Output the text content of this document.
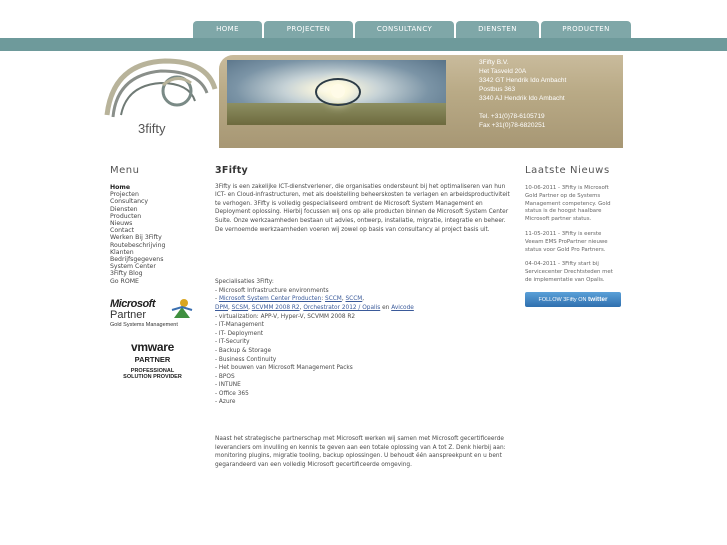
HOME	PROJECTEN	CONSULTANCY	DIENSTEN	PRODUCTEN
3fifty
3Fifty B.V.
Het Tasveld 20A
3342 GT Hendrik Ido Ambacht
Postbus 363
3340 AJ Hendrik Ido Ambacht
Tel. +31(0)78-6105719
Fax +31(0)78-6820251
Menu
Home
Projecten
Consultancy
Diensten
Producten
Nieuws
Contact
Werken Bij 3Fifty
Routebeschrijving
Klanten
Bedrijfsgegevens
System Center
3Fifty Blog
Go ROME
Microsoft
Partner
Gold Systems Management
vmware
PARTNER
PROFESSIONAL
SOLUTION PROVIDER
3Fifty

3Fifty is een zakelijke ICT-dienstverlener, die organisaties ondersteunt bij het optimaliseren van hun ICT- en Cloud-infrastructuren, met als doelstelling beheerskosten te verlagen en arbeidsproductiviteit te verhogen. 3Fifty is volledig gespecialiseerd omtrent de Microsoft System Management en Deployment oplossing. Hierbij focussen wij ons op alle producten binnen de Microsoft System Center Suite. Onze werkzaamheden bestaan uit advies, ontwerp, installatie, migratie, integratie en beheer. De vernoemde werkzaamheden voeren wij zowel op basis van consultancy al project basis uit.

Specialisaties 3Fifty:
- Microsoft Infrastructure environments
- Microsoft System Center Producten: SCCM, SCCM,
DPM, SCSM, SCVMM 2008 R2, Orchestrator 2012 / Opalis en Avicode
- virtualization: APP-V, Hyper-V, SCVMM 2008 R2
- IT-Management
- IT- Deployment
- IT-Security
- Backup & Storage
- Business Continuity
- Het bouwen van Microsoft Management Packs
- BPOS
- INTUNE
- Office 365
- Azure

Naast het strategische partnerschap met Microsoft werken wij samen met Microsoft gecertificeerde leveranciers om invulling en kennis te geven aan een totale oplossing van A tot Z. Denk hierbij aan: monitoring plugins, migratie tooling, backup oplossingen. U behoudt één aanspreekpunt en u bent gegarandeerd van een volledig Microsoft gecertificeerde omgeving.

Laatste Nieuws
10-06-2011 - 3Fifty is Microsoft Gold Partner op de Systems Management competency. Gold status is de hoogst haalbare Microsoft partner status.
11-05-2011 - 3Fifty is eerste Veeam EMS ProPartner nieuwe status voor Gold Pro Partners.
04-04-2011 - 3Fifty start bij Servicecenter Drechtsteden met de implementatie van Opalis.
FOLLOW 3Fifty ON twitter
